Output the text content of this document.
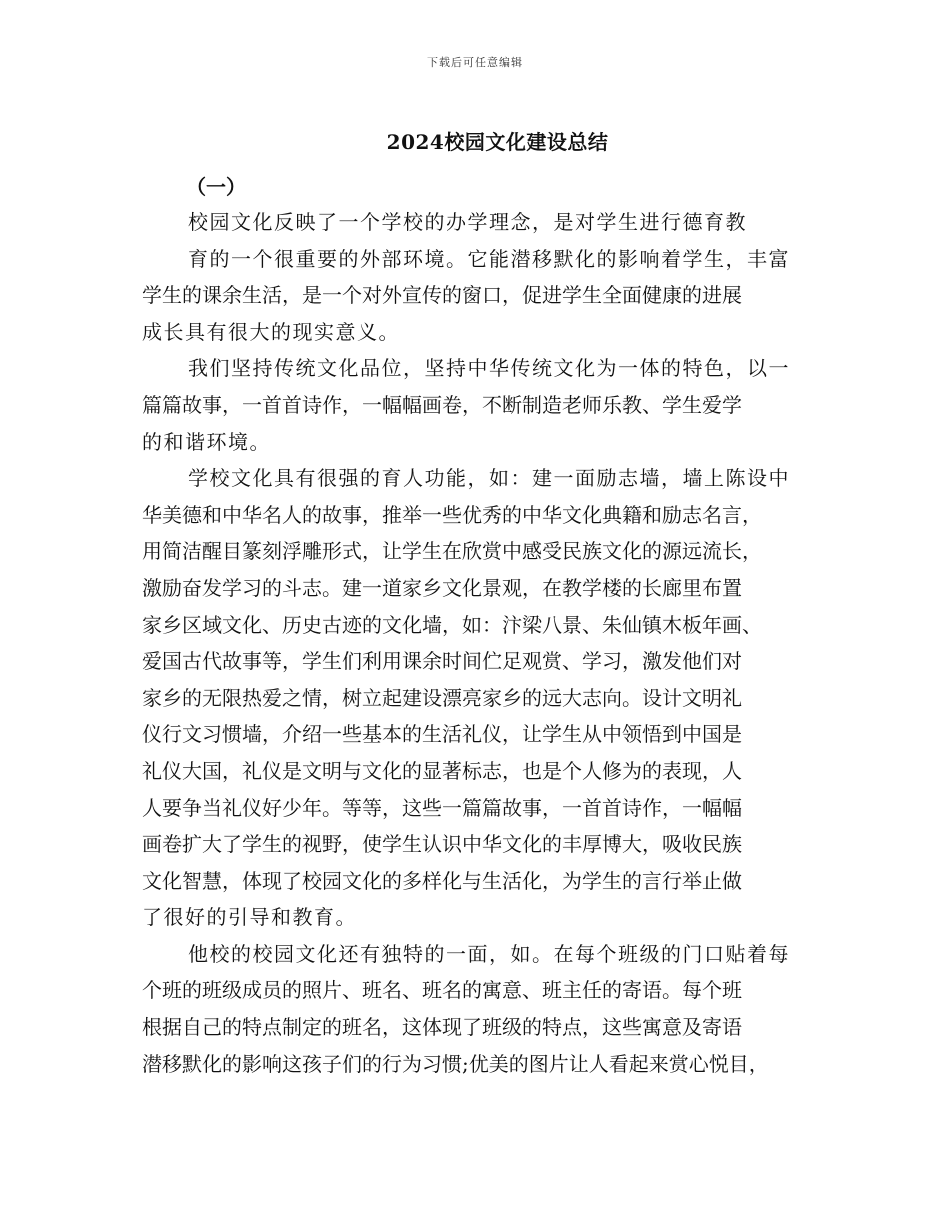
下载后可任意编辑
2024校园文化建设总结
（一）
校园文化反映了一个学校的办学理念，是对学生进行德育教
育的一个很重要的外部环境。它能潜移默化的影响着学生，丰富
学生的课余生活，是一个对外宣传的窗口，促进学生全面健康的进展
成长具有很大的现实意义。
我们坚持传统文化品位，坚持中华传统文化为一体的特色，以一
篇篇故事，一首首诗作，一幅幅画卷，不断制造老师乐教、学生爱学
的和谐环境。
学校文化具有很强的育人功能，如：建一面励志墙，墙上陈设中
华美德和中华名人的故事，推举一些优秀的中华文化典籍和励志名言，
用简洁醒目篆刻浮雕形式，让学生在欣赏中感受民族文化的源远流长，
激励奋发学习的斗志。建一道家乡文化景观，在教学楼的长廊里布置
家乡区域文化、历史古迹的文化墙，如：汴梁八景、朱仙镇木板年画、
爱国古代故事等，学生们利用课余时间伫足观赏、学习，激发他们对
家乡的无限热爱之情，树立起建设漂亮家乡的远大志向。设计文明礼
仪行文习惯墙，介绍一些基本的生活礼仪，让学生从中领悟到中国是
礼仪大国，礼仪是文明与文化的显著标志，也是个人修为的表现，人
人要争当礼仪好少年。等等，这些一篇篇故事，一首首诗作，一幅幅
画卷扩大了学生的视野，使学生认识中华文化的丰厚博大，吸收民族
文化智慧，体现了校园文化的多样化与生活化，为学生的言行举止做
了很好的引导和教育。
他校的校园文化还有独特的一面，如。在每个班级的门口贴着每
个班的班级成员的照片、班名、班名的寓意、班主任的寄语。每个班
根据自己的特点制定的班名，这体现了班级的特点，这些寓意及寄语
潜移默化的影响这孩子们的行为习惯;优美的图片让人看起来赏心悦目，
